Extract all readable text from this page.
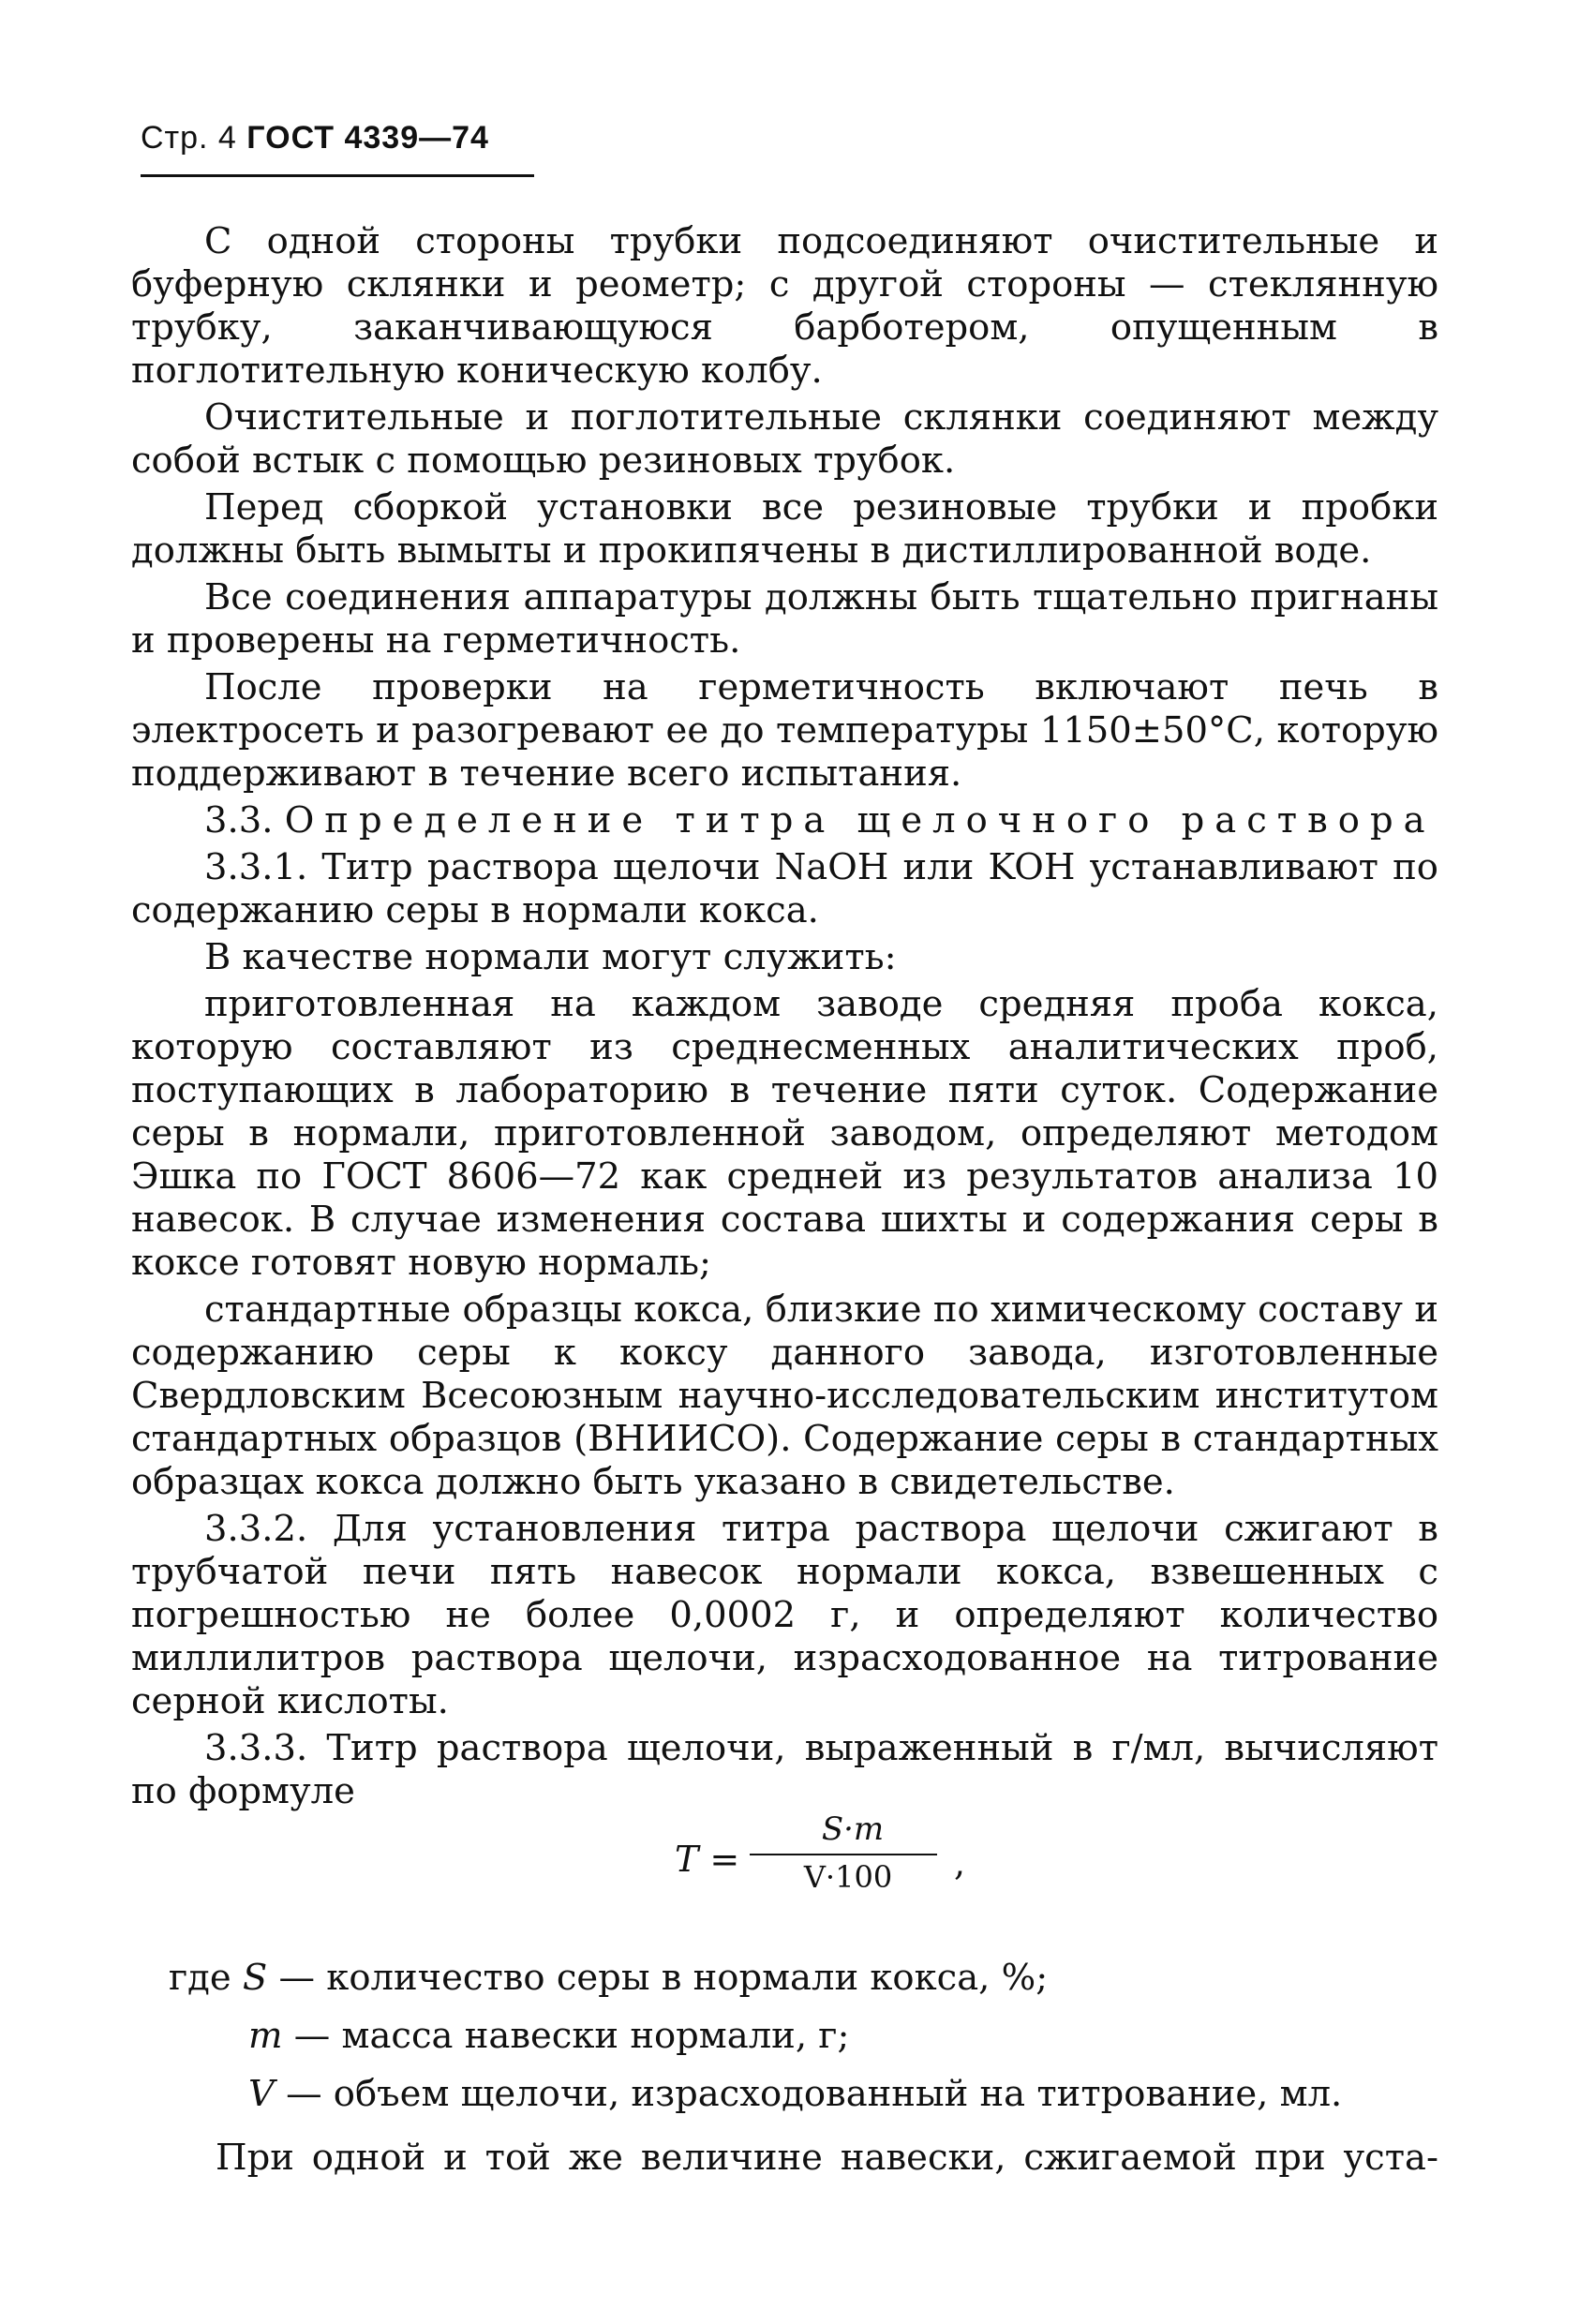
Стр. 4 ГОСТ 4339—74

С одной стороны трубки подсоединяют очистительные и буферную склянки и реометр; с другой стороны — стеклянную трубку, заканчивающуюся барботером, опущенным в поглотительную коническую колбу.

Очистительные и поглотительные склянки соединяют между собой встык с помощью резиновых трубок.

Перед сборкой установки все резиновые трубки и пробки должны быть вымыты и прокипячены в дистиллированной воде.

Все соединения аппаратуры должны быть тщательно пригнаны и проверены на герметичность.

После проверки на герметичность включают печь в электросеть и разогревают ее до температуры 1150±50°С, которую поддерживают в течение всего испытания.

3.3. Определение титра щелочного раствора

3.3.1. Титр раствора щелочи NaOH или KOH устанавливают по содержанию серы в нормали кокса.

В качестве нормали могут служить:

приготовленная на каждом заводе средняя проба кокса, которую составляют из среднесменных аналитических проб, поступающих в лабораторию в течение пяти суток. Содержание серы в нормали, приготовленной заводом, определяют методом Эшка по ГОСТ 8606—72 как средней из результатов анализа 10 навесок. В случае изменения состава шихты и содержания серы в коксе готовят новую нормаль;

стандартные образцы кокса, близкие по химическому составу и содержанию серы к коксу данного завода, изготовленные Свердловским Всесоюзным научно-исследовательским институтом стандартных образцов (ВНИИСО). Содержание серы в стандартных образцах кокса должно быть указано в свидетельстве.

3.3.2. Для установления титра раствора щелочи сжигают в трубчатой печи пять навесок нормали кокса, взвешенных с погрешностью не более 0,0002 г, и определяют количество миллилитров раствора щелочи, израсходованное на титрование серной кислоты.

3.3.3. Титр раствора щелочи, выраженный в г/мл, вычисляют по формуле

T =
S·m
V·100	,
где S — количество серы в нормали кокса, %;
m — масса навески нормали, г;
V — объем щелочи, израсходованный на титрование, мл.

При одной и той же величине навески, сжигаемой при уста-
